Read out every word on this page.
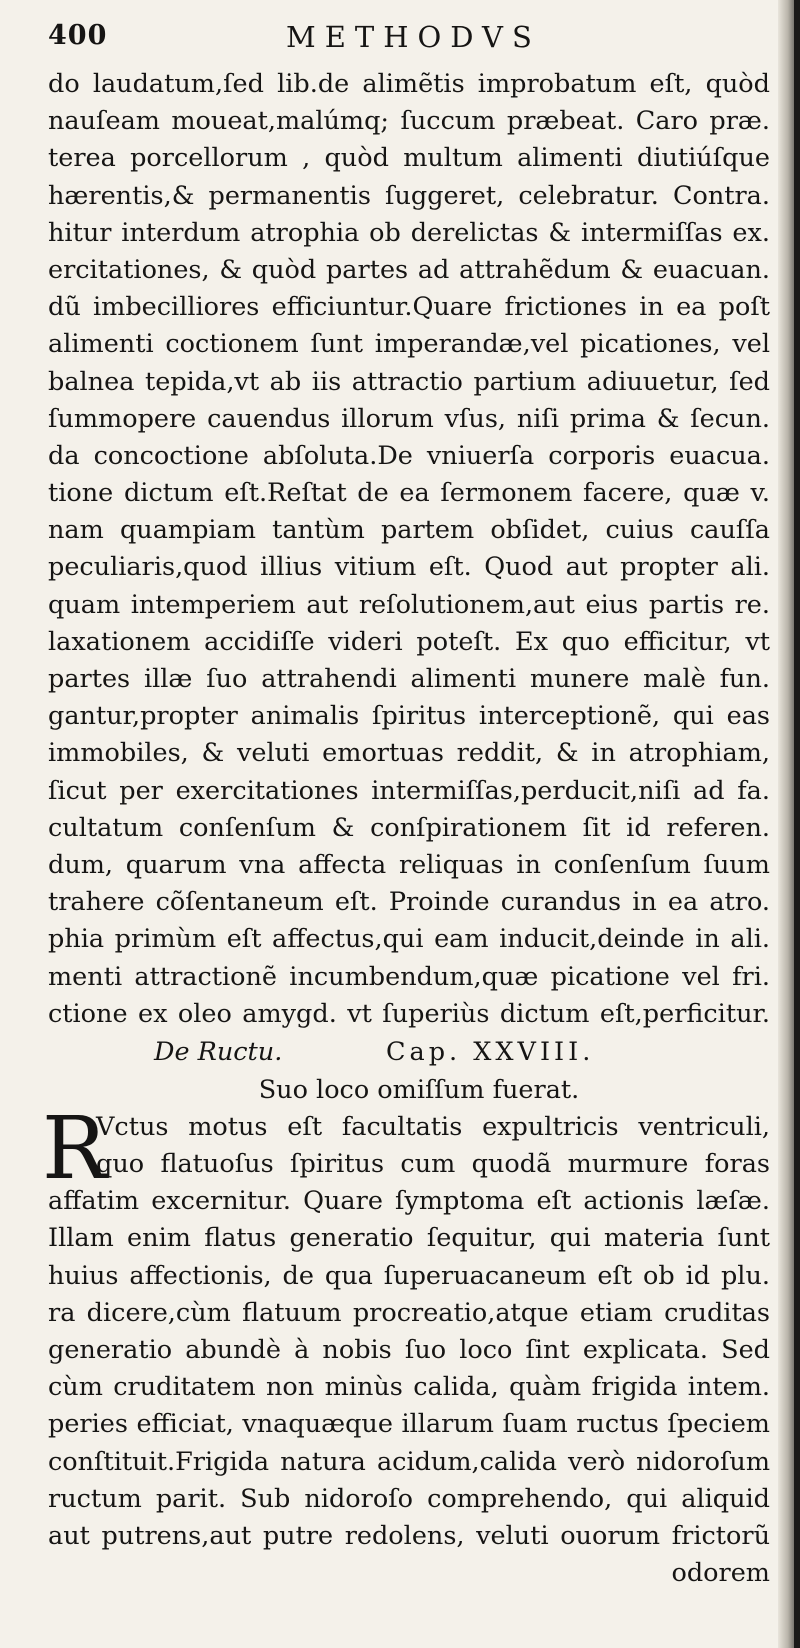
400	METHODVS
do laudatum,ſed lib.de alimẽtis improbatum eſt, quòd
nauſeam moueat,malúmq; ſuccum præbeat. Caro præ.
terea porcellorum , quòd multum alimenti diutiúſque
hærentis,& permanentis ſuggeret, celebratur. Contra.
hitur interdum atrophia ob derelictas & intermiſſas ex.
ercitationes, & quòd partes ad attrahẽdum & euacuan.
dũ imbecilliores efficiuntur.Quare frictiones in ea poſt
alimenti coctionem ſunt imperandæ,vel picationes, vel
balnea tepida,vt ab iis attractio partium adiuuetur, ſed
ſummopere cauendus illorum vſus, niſi prima & ſecun.
da concoctione abſoluta.De vniuerſa corporis euacua.
tione dictum eſt.Reſtat de ea ſermonem facere, quæ v.
nam quampiam tantùm partem obſidet, cuius cauſſa
peculiaris,quod illius vitium eſt. Quod aut propter ali.
quam intemperiem aut reſolutionem,aut eius partis re.
laxationem accidiſſe videri poteſt. Ex quo efficitur, vt
partes illæ ſuo attrahendi alimenti munere malè fun.
gantur,propter animalis ſpiritus interceptionẽ, qui eas
immobiles, & veluti emortuas reddit, & in atrophiam,
ſicut per exercitationes intermiſſas,perducit,niſi ad fa.
cultatum conſenſum & conſpirationem ſit id referen.
dum, quarum vna affecta reliquas in conſenſum ſuum
trahere cõſentaneum eſt. Proinde curandus in ea atro.
phia primùm eſt affectus,qui eam inducit,deinde in ali.
menti attractionẽ incumbendum,quæ picatione vel fri.
ctione ex oleo amygd. vt ſuperiùs dictum eſt,perficitur.
De Ructu.	Cap. XXVIII.
Suo loco omiſſum fuerat.
R
Vctus motus eſt facultatis expultricis ventriculi,
quo flatuoſus ſpiritus cum quodã murmure foras
affatim excernitur. Quare ſymptoma eſt actionis læſæ.
Illam enim flatus generatio ſequitur, qui materia ſunt
huius affectionis, de qua ſuperuacaneum eſt ob id plu.
ra dicere,cùm flatuum procreatio,atque etiam cruditas
generatio abundè à nobis ſuo loco ſint explicata. Sed
cùm cruditatem non minùs calida, quàm frigida intem.
peries efficiat, vnaquæque illarum ſuam ructus ſpeciem
conſtituit.Frigida natura acidum,calida verò nidoroſum
ructum parit. Sub nidoroſo comprehendo, qui aliquid
aut putrens,aut putre redolens, veluti ouorum frictorũ
odorem
